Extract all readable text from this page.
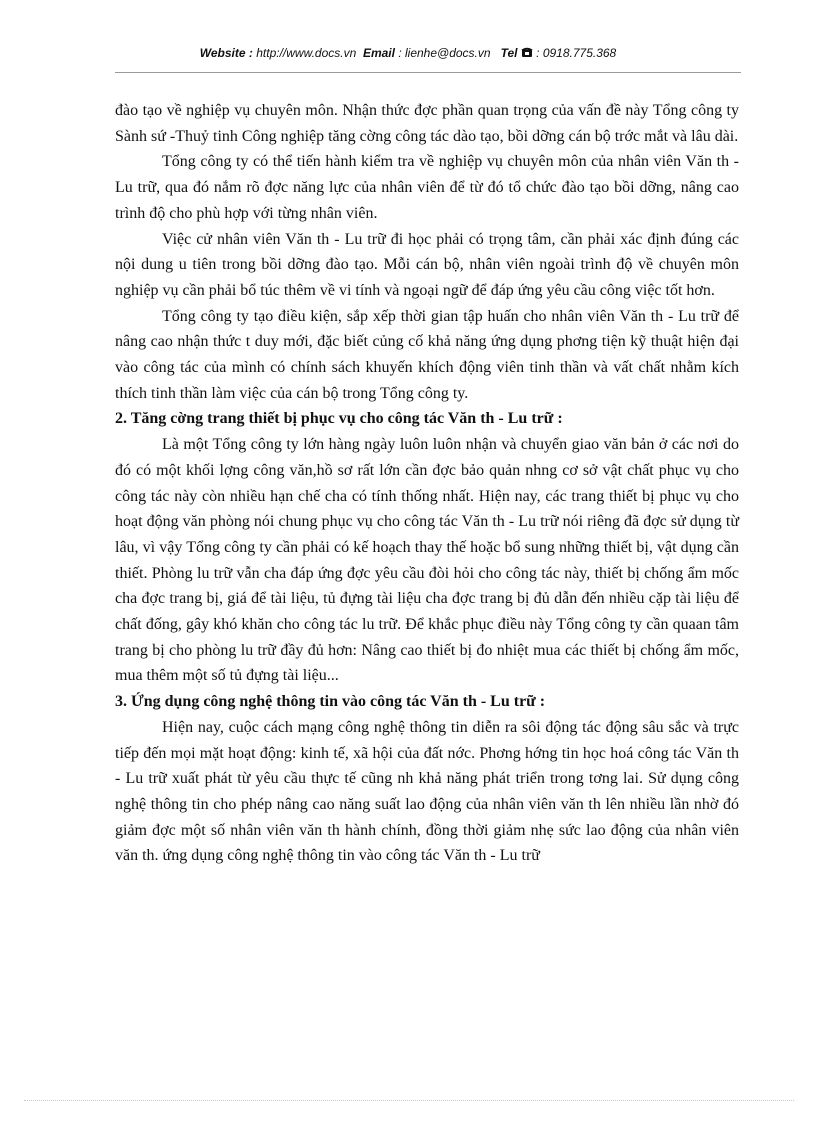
Website : http://www.docs.vn Email : lienhe@docs.vn Tel : 0918.775.368

đào tạo về nghiệp vụ chuyên môn. Nhận thức đợc phần quan trọng của vấn đề này Tổng công ty Sành sứ -Thuỷ tinh Công nghiệp tăng cờng công tác dào tạo, bồi dỡng cán bộ trớc mắt và lâu dài.

Tổng công ty có thể tiến hành kiểm tra về nghiệp vụ chuyên môn của nhân viên Văn th - Lu trữ, qua đó nắm rõ đợc năng lực của nhân viên để từ đó tổ chức đào tạo bồi dỡng, nâng cao trình độ cho phù hợp với từng nhân viên.

Việc cử nhân viên Văn th - Lu trữ đi học phải có trọng tâm, cần phải xác định đúng các nội dung u tiên trong bồi dỡng đào tạo. Mỗi cán bộ, nhân viên ngoài trình độ về chuyên môn nghiệp vụ cần phải bổ túc thêm về vi tính và ngoại ngữ để đáp ứng yêu cầu công việc tốt hơn.

Tổng công ty tạo điều kiện, sắp xếp thời gian tập huấn cho nhân viên Văn th - Lu trữ để nâng cao nhận thức t duy mới, đặc biết củng cố khả năng ứng dụng phơng tiện kỹ thuật hiện đại vào công tác của mình có chính sách khuyến khích động viên tinh thần và vất chất nhằm kích thích tinh thần làm việc của cán bộ trong Tổng công ty.

2. Tăng cờng trang thiết bị phục vụ cho công tác Văn th - Lu trữ :

Là một Tổng công ty lớn hàng ngày luôn luôn nhận và chuyển giao văn bản ở các nơi do đó có một khối lợng công văn,hồ sơ rất lớn cần đợc bảo quản nhng cơ sở vật chất phục vụ cho công tác này còn nhiều hạn chế cha có tính thống nhất. Hiện nay, các trang thiết bị phục vụ cho hoạt động văn phòng nói chung phục vụ cho công tác Văn th - Lu trữ nói riêng đã đợc sử dụng từ lâu, vì vậy Tổng công ty cần phải có kế hoạch thay thế hoặc bổ sung những thiết bị, vật dụng cần thiết. Phòng lu trữ vẫn cha đáp ứng đợc yêu cầu đòi hỏi cho công tác này, thiết bị chống ẩm mốc cha đợc trang bị, giá để tài liệu, tủ đựng tài liệu cha đợc trang bị đủ dẫn đến nhiều cặp tài liệu để chất đống, gây khó khăn cho công tác lu trữ. Để khắc phục điều này Tổng công ty cần quaan tâm trang bị cho phòng lu trữ đầy đủ hơn: Nâng cao thiết bị đo nhiệt mua các thiết bị chống ẩm mốc, mua thêm một số tủ đựng tài liệu...

3. Ứng dụng công nghệ thông tin vào công tác Văn th - Lu trữ :

Hiện nay, cuộc cách mạng công nghệ thông tin diễn ra sôi động tác động sâu sắc và trực tiếp đến mọi mặt hoạt động: kinh tế, xã hội của đất nớc. Phơng hớng tin học hoá công tác Văn th - Lu trữ xuất phát từ yêu cầu thực tế cũng nh khả năng phát triển trong tơng lai. Sử dụng công nghệ thông tin cho phép nâng cao năng suất lao động của nhân viên văn th lên nhiều lần nhờ đó giảm đợc một số nhân viên văn th hành chính, đồng thời giảm nhẹ sức lao động của nhân viên văn th. ứng dụng công nghệ thông tin vào công tác Văn th - Lu trữ
